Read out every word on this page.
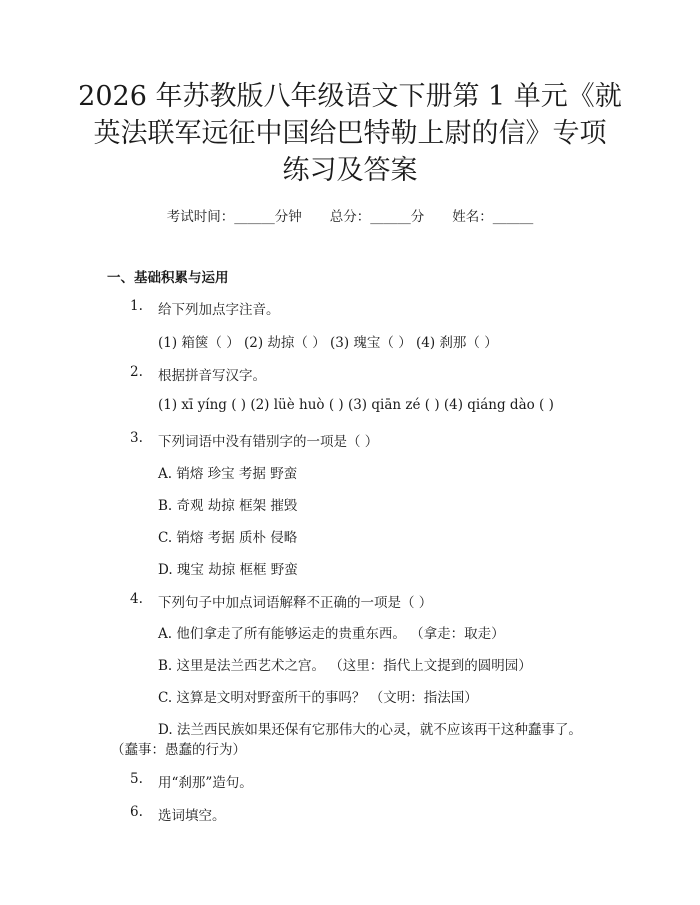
2026 年苏教版八年级语文下册第 1 单元《就
英法联军远征中国给巴特勒上尉的信》专项
练习及答案
考试时间：______分钟 总分：______分 姓名：______
一、基础积累与运用
1. 给下列加点字注音。
(1) 箱箧（ ） (2) 劫掠（ ） (3) 瑰宝（ ） (4) 刹那（ ）
2. 根据拼音写汉字。
(1) xī yíng ( ) (2) lüè huò ( ) (3) qiān zé ( ) (4) qiáng dào ( )
3. 下列词语中没有错别字的一项是（ ）
A. 销熔 珍宝 考据 野蛮
B. 奇观 劫掠 框架 摧毁
C. 销熔 考据 质朴 侵略
D. 瑰宝 劫掠 框框 野蛮
4. 下列句子中加点词语解释不正确的一项是（ ）
A. 他们拿走了所有能够运走的贵重东西。 （拿走：取走）
B. 这里是法兰西艺术之宫。 （这里：指代上文提到的圆明园）
C. 这算是文明对野蛮所干的事吗？ （文明：指法国）
D. 法兰西民族如果还保有它那伟大的心灵，就不应该再干这种蠢事了。
（蠢事：愚蠢的行为）
5. 用“刹那”造句。
6. 选词填空。
